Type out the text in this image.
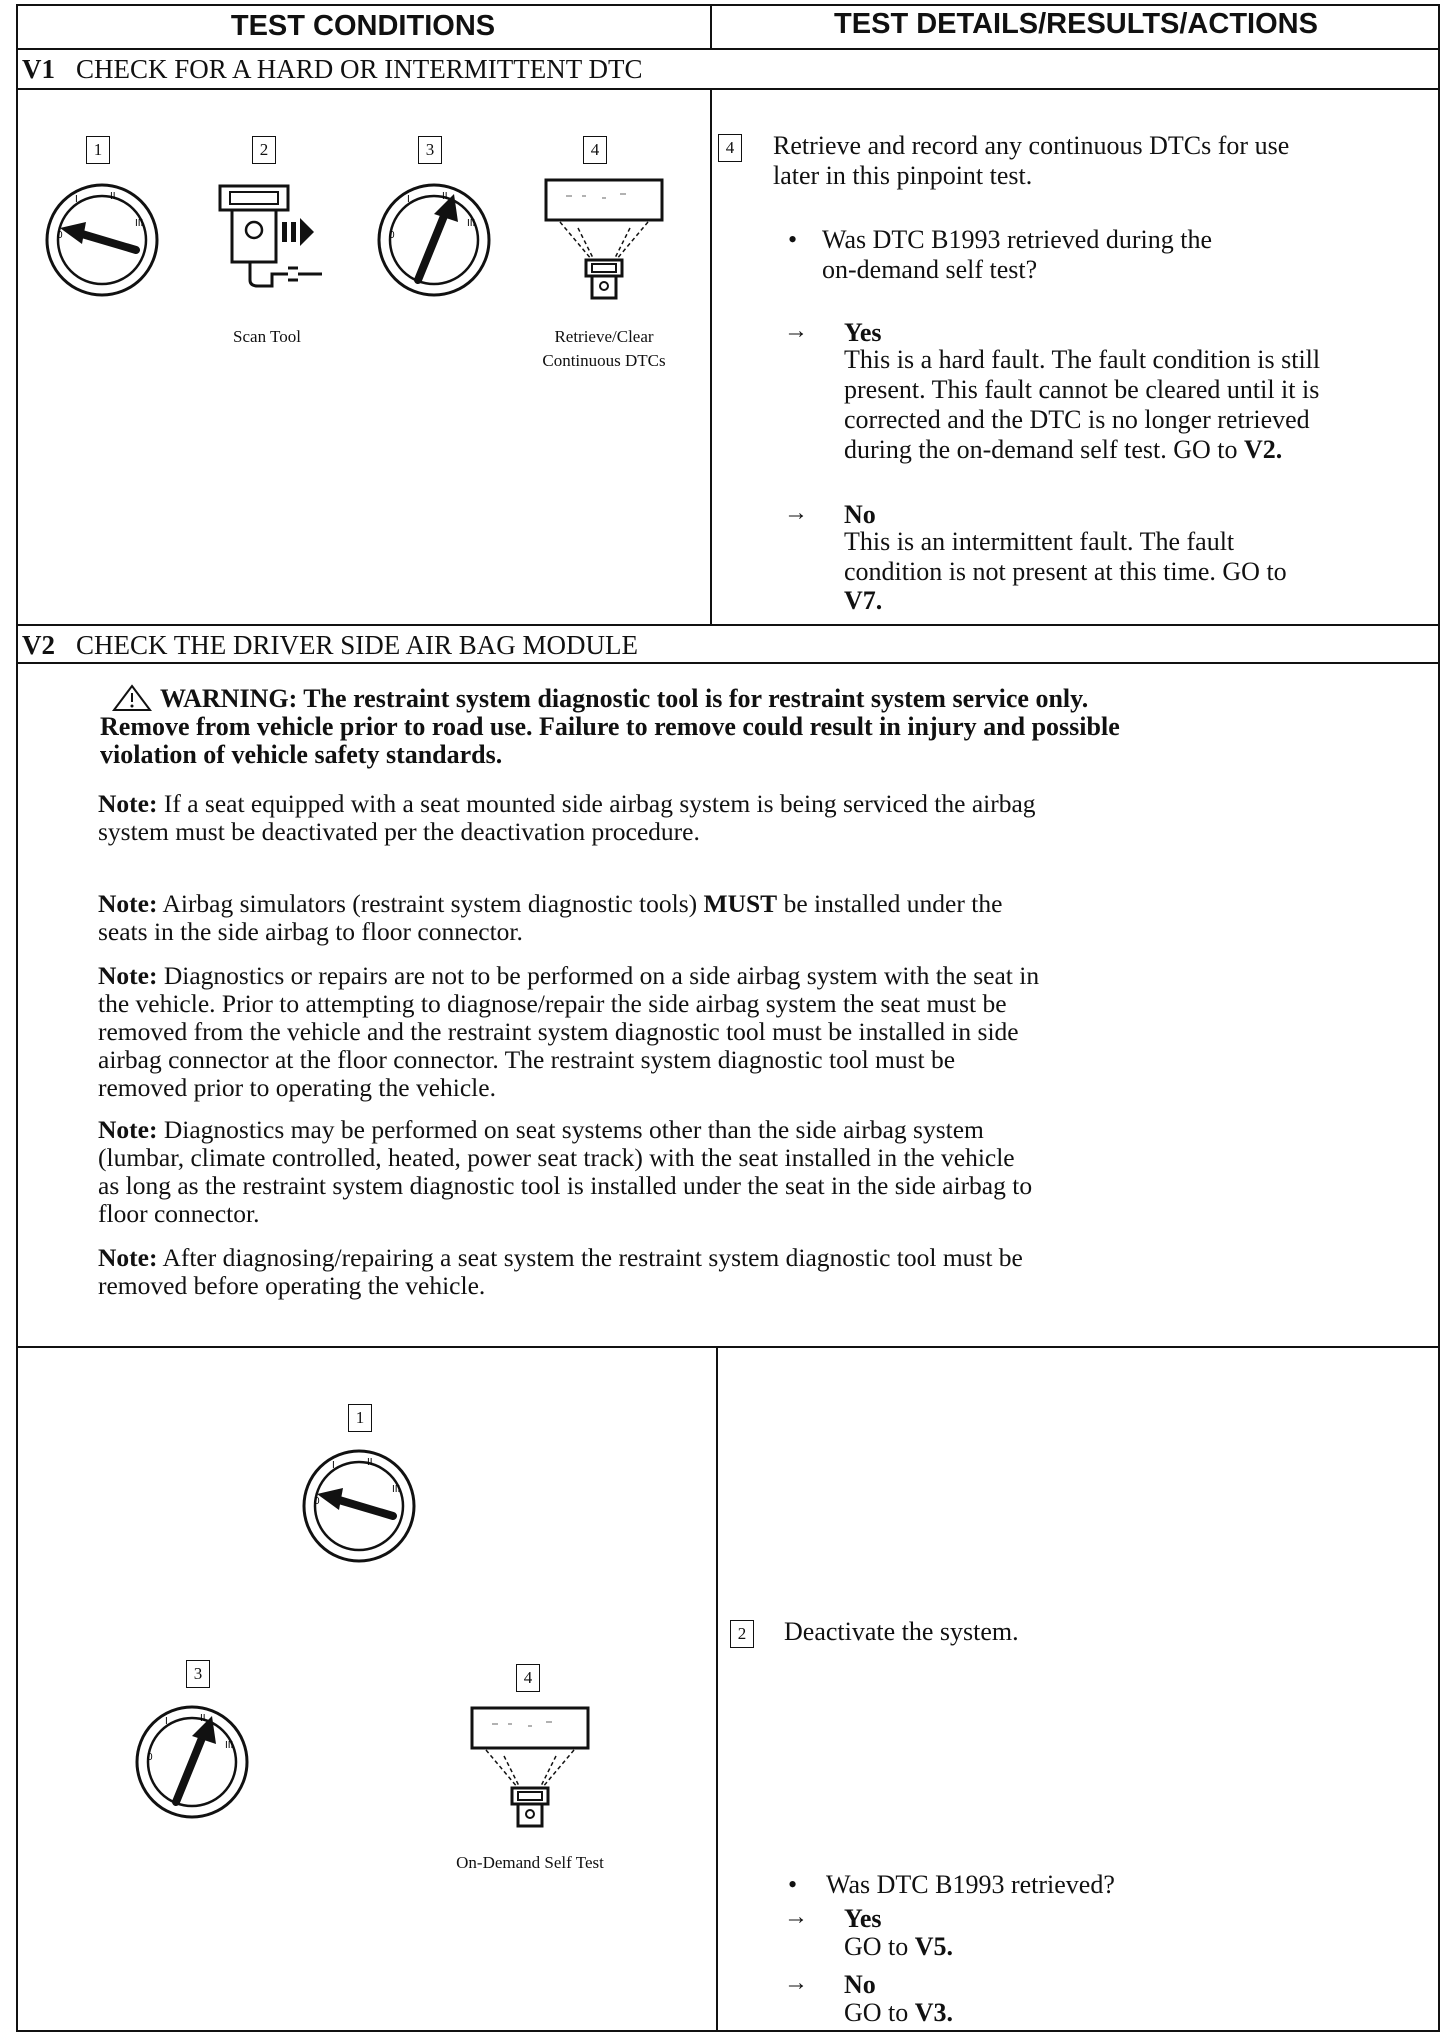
TEST CONDITIONS	TEST DETAILS/RESULTS/ACTIONS
V1 CHECK FOR A HARD OR INTERMITTENT DTC
1	2	3	4
0
I	II
III
Scan Tool
0
I	II
III
Retrieve/Clear
Continuous DTCs
4 Retrieve and record any continuous DTCs for use
later in this pinpoint test.
• Was DTC B1993 retrieved during the
on-demand self test?
→ Yes
This is a hard fault. The fault condition is still
present. This fault cannot be cleared until it is
corrected and the DTC is no longer retrieved
during the on-demand self test. GO to V2.
→ No
This is an intermittent fault. The fault
condition is not present at this time. GO to
V7.
V2 CHECK THE DRIVER SIDE AIR BAG MODULE
WARNING: The restraint system diagnostic tool is for restraint system service only.
Remove from vehicle prior to road use. Failure to remove could result in injury and possible
violation of vehicle safety standards.
Note: If a seat equipped with a seat mounted side airbag system is being serviced the airbag
system must be deactivated per the deactivation procedure.
Note: Airbag simulators (restraint system diagnostic tools) MUST be installed under the
seats in the side airbag to floor connector.
Note: Diagnostics or repairs are not to be performed on a side airbag system with the seat in
the vehicle. Prior to attempting to diagnose/repair the side airbag system the seat must be
removed from the vehicle and the restraint system diagnostic tool must be installed in side
airbag connector at the floor connector. The restraint system diagnostic tool must be
removed prior to operating the vehicle.
Note: Diagnostics may be performed on seat systems other than the side airbag system
(lumbar, climate controlled, heated, power seat track) with the seat installed in the vehicle
as long as the restraint system diagnostic tool is installed under the seat in the side airbag to
floor connector.
Note: After diagnosing/repairing a seat system the restraint system diagnostic tool must be
removed before operating the vehicle.
1
0
I	II
III
3
0
I	II
III
4
On-Demand Self Test
2 Deactivate the system.
• Was DTC B1993 retrieved?
→ Yes
GO to V5.
→ No
GO to V3.
